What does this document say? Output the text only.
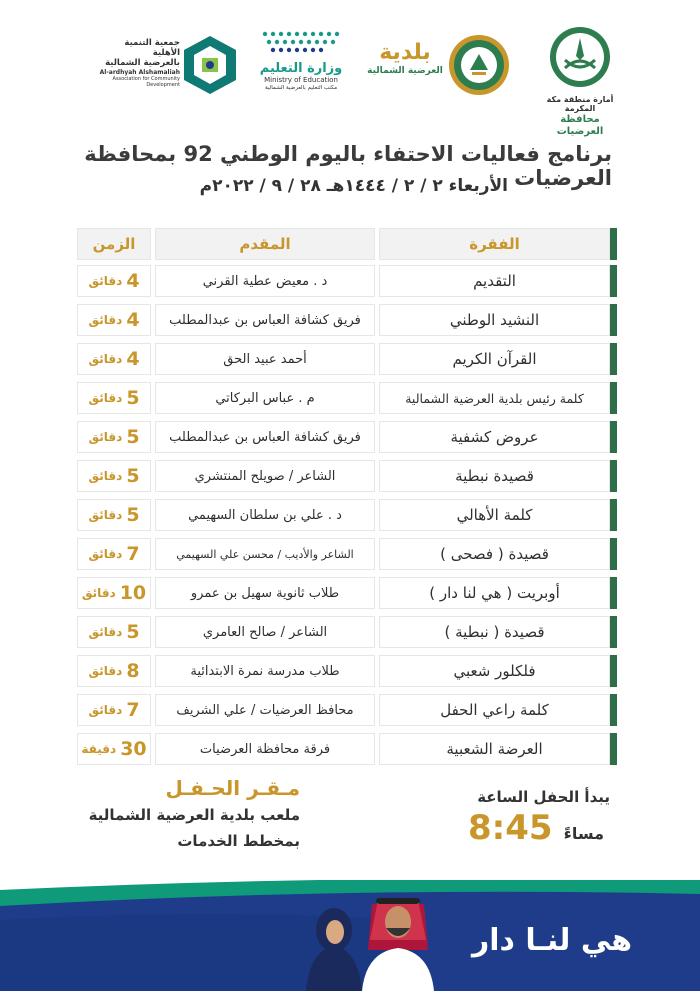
جمعية التنمية الأهلية
بالعرضية الشمالية
Al-ardhyah Alshamaliah
Association for Community Development
وزارة التعليم
Ministry of Education
مكتب التعليم بالعرضية الشمالية
بلدية
العرضية الشمالية
أمارة منطقة مكة المكرمة
محافظة العرضيات
برنامج فعاليات الاحتفاء باليوم الوطني 92 بمحافظة العرضيات
الأربعاء ٢ / ٢ / ١٤٤٤هـ ٢٨ / ٩ / ٢٠٢٢م
الفقرة
المقدم
الزمن
التقديم
د . معيض عطية القرني
4
دقائق
النشيد الوطني
فريق كشافة العباس بن عبدالمطلب
4
دقائق
القرآن الكريم
أحمد عبيد الحق
4
دقائق
كلمة رئيس بلدية العرضية الشمالية
م . عباس البركاتي
5
دقائق
عروض كشفية
فريق كشافة العباس بن عبدالمطلب
5
دقائق
قصيدة نبطية
الشاعر / صويلح المنتشري
5
دقائق
كلمة الأهالي
د . علي بن سلطان السهيمي
5
دقائق
قصيدة ( فصحى )
الشاعر والأديب / محسن علي السهيمي
7
دقائق
أوبريت ( هي لنا دار )
طلاب ثانوية سهيل بن عمرو
10
دقائق
قصيدة ( نبطية )
الشاعر / صالح العامري
5
دقائق
فلكلور شعبي
طلاب مدرسة نمرة الابتدائية
8
دقائق
كلمة راعي الحفل
محافظ العرضيات / علي الشريف
7
دقائق
العرضة الشعبية
فرقة محافظة العرضيات
30
دقيقة
مـقـر الحـفـل
ملعب بلدية العرضية الشمالية
بمخطط الخدمات
يبدأ الحفل الساعة
8:45 مساءً
هي لنـا دار
